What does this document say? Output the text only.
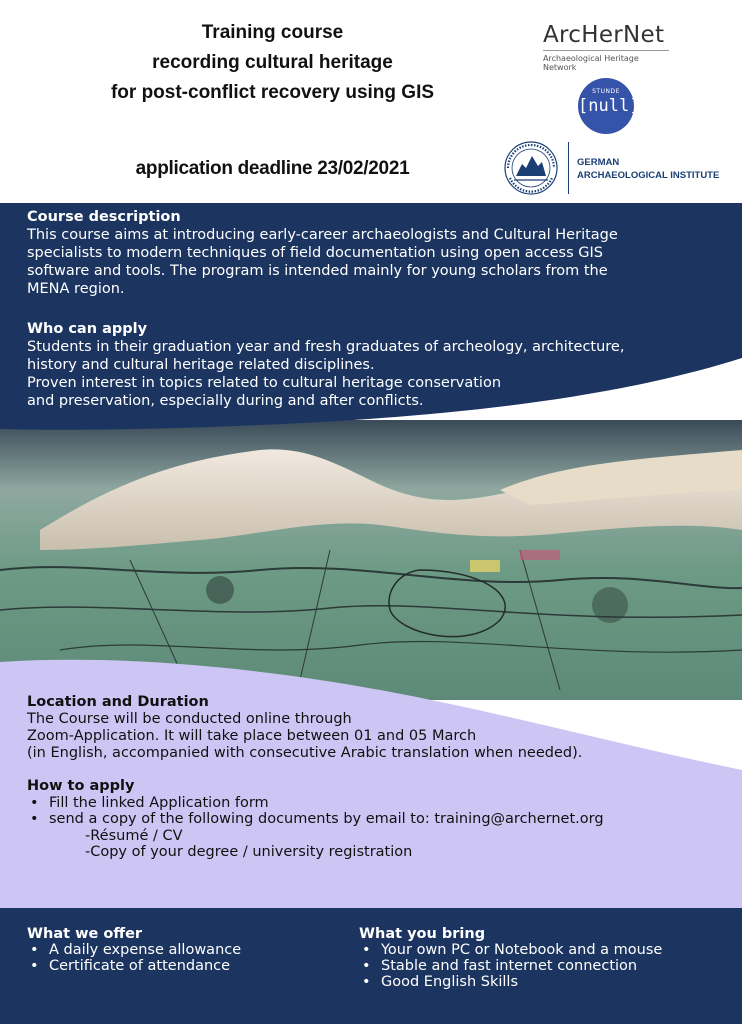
Training course
recording cultural heritage
for post-conflict recovery using GIS
application deadline 23/02/2021
ArcHerNet
Archaeological Heritage Network
STUNDE
[null]
GERMAN
ARCHAEOLOGICAL INSTITUTE
Course description
This course aims at introducing early-career archaeologists and Cultural Heritage
specialists to modern techniques of field documentation using open access GIS
software and tools. The program is intended mainly for young scholars from the
MENA region.
Who can apply
Students in their graduation year and fresh graduates of archeology, architecture,
history and cultural heritage related disciplines.
Proven interest in topics related to cultural heritage conservation
and preservation, especially during and after conflicts.
Location and Duration
The Course will be conducted online through
Zoom-Application. It will take place between 01 and 05 March
(in English, accompanied with consecutive Arabic translation when needed).
How to apply
• Fill the linked Application form
• send a copy of the following documents by email to: training@archernet.org
-Résumé / CV
-Copy of your degree / university registration
What we offer
• A daily expense allowance
• Certificate of attendance
What you bring
• Your own PC or Notebook and a mouse
• Stable and fast internet connection
• Good English Skills
